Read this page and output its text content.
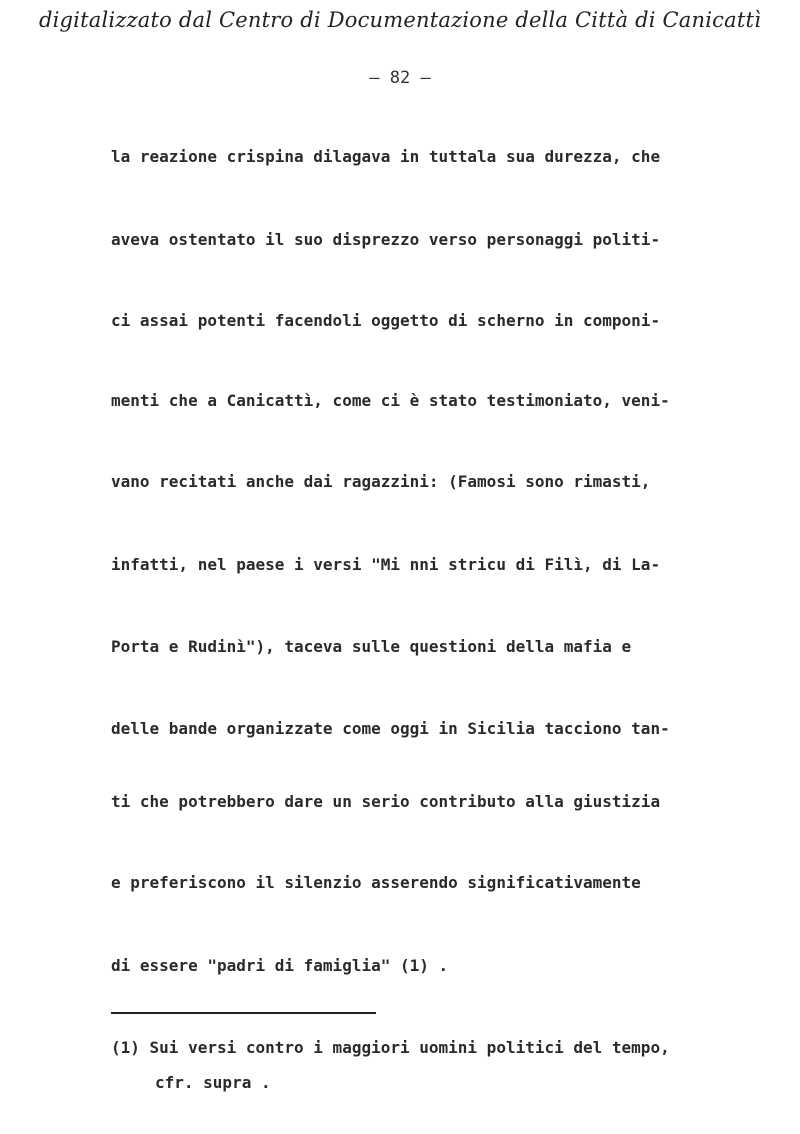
digitalizzato dal Centro di Documentazione della Città di Canicattì
– 82 –
la reazione crispina dilagava in tuttala sua durezza, che
aveva ostentato il suo disprezzo verso personaggi politi-
ci assai potenti facendoli oggetto di scherno in componi-
menti che a Canicattì, come ci è stato testimoniato, veni-
vano recitati anche dai ragazzini: (Famosi sono rimasti,
infatti, nel paese i versi "Mi nni stricu di Filì, di La-
Porta e Rudinì"), taceva sulle questioni della mafia e
delle bande organizzate come oggi in Sicilia tacciono tan-
ti che potrebbero dare un serio contributo alla giustizia
e preferiscono il silenzio asserendo significativamente
di essere "padri di famiglia" (1) .
(1) Sui versi contro i maggiori uomini politici del tempo,
cfr. supra .
